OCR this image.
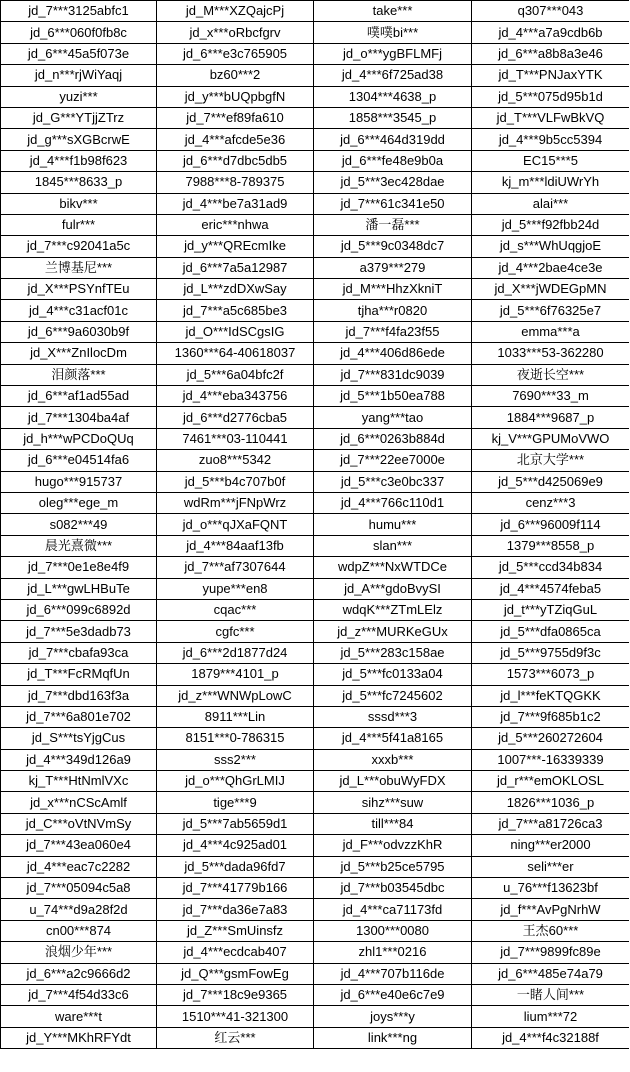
jd_7***3125abfc1	jd_M***XZQajcPj	take***	q307***043
jd_6***060f0fb8c	jd_x***oRbcfgrv	噗噗bi***	jd_4***a7a9cdb6b
jd_6***45a5f073e	jd_6***e3c765905	jd_o***ygBFLMFj	jd_6***a8b8a3e46
jd_n***rjWiYaqj	bz60***2	jd_4***6f725ad38	jd_T***PNJaxYTK
yuzi***	jd_y***bUQpbgfN	1304***4638_p	jd_5***075d95b1d
jd_G***YTjjZTrz	jd_7***ef89fa610	1858***3545_p	jd_T***VLFwBkVQ
jd_g***sXGBcrwE	jd_4***afcde5e36	jd_6***464d319dd	jd_4***9b5cc5394
jd_4***f1b98f623	jd_6***d7dbc5db5	jd_6***fe48e9b0a	EC15***5
1845***8633_p	7988***8-789375	jd_5***3ec428dae	kj_m***ldiUWrYh
bikv***	jd_4***be7a31ad9	jd_7***61c341e50	alai***
fulr***	eric***nhwa	潘一磊***	jd_5***f92fbb24d
jd_7***c92041a5c	jd_y***QREcmIke	jd_5***9c0348dc7	jd_s***WhUqgjoE
兰博基尼***	jd_6***7a5a12987	a379***279	jd_4***2bae4ce3e
jd_X***PSYnfTEu	jd_L***zdDXwSay	jd_M***HhzXkniT	jd_X***jWDEGpMN
jd_4***c31acf01c	jd_7***a5c685be3	tjha***r0820	jd_5***6f76325e7
jd_6***9a6030b9f	jd_O***IdSCgsIG	jd_7***f4fa23f55	emma***a
jd_X***ZnIlocDm	1360***64-40618037	jd_4***406d86ede	1033***53-362280
泪颜落***	jd_5***6a04bfc2f	jd_7***831dc9039	夜逝长空***
jd_6***af1ad55ad	jd_4***eba343756	jd_5***1b50ea788	7690***33_m
jd_7***1304ba4af	jd_6***d2776cba5	yang***tao	1884***9687_p
jd_h***wPCDoQUq	7461***03-110441	jd_6***0263b884d	kj_V***GPUMoVWO
jd_6***e04514fa6	zuo8***5342	jd_7***22ee7000e	北京大学***
hugo***915737	jd_5***b4c707b0f	jd_5***c3e0bc337	jd_5***d425069e9
oleg***ege_m	wdRm***jFNpWrz	jd_4***766c110d1	cenz***3
s082***49	jd_o***qJXaFQNT	humu***	jd_6***96009f114
晨光熹微***	jd_4***84aaf13fb	slan***	1379***8558_p
jd_7***0e1e8e4f9	jd_7***af7307644	wdpZ***NxWTDCe	jd_5***ccd34b834
jd_L***gwLHBuTe	yupe***en8	jd_A***gdoBvySI	jd_4***4574feba5
jd_6***099c6892d	cqac***	wdqK***ZTmLElz	jd_t***yTZiqGuL
jd_7***5e3dadb73	cgfc***	jd_z***MURKeGUx	jd_5***dfa0865ca
jd_7***cbafa93ca	jd_6***2d1877d24	jd_5***283c158ae	jd_5***9755d9f3c
jd_T***FcRMqfUn	1879***4101_p	jd_5***fc0133a04	1573***6073_p
jd_7***dbd163f3a	jd_z***WNWpLowC	jd_5***fc7245602	jd_l***feKTQGKK
jd_7***6a801e702	8911***Lin	sssd***3	jd_7***9f685b1c2
jd_S***tsYjgCus	8151***0-786315	jd_4***5f41a8165	jd_5***260272604
jd_4***349d126a9	sss2***	xxxb***	1007***-16339339
kj_T***HtNmlVXc	jd_o***QhGrLMIJ	jd_L***obuWyFDX	jd_r***emOKLOSL
jd_x***nCScAmlf	tige***9	sihz***suw	1826***1036_p
jd_C***oVtNVmSy	jd_5***7ab5659d1	till***84	jd_7***a81726ca3
jd_7***43ea060e4	jd_4***4c925ad01	jd_F***odvzzKhR	ning***er2000
jd_4***eac7c2282	jd_5***dada96fd7	jd_5***b25ce5795	seli***er
jd_7***05094c5a8	jd_7***41779b166	jd_7***b03545dbc	u_76***f13623bf
u_74***d9a28f2d	jd_7***da36e7a83	jd_4***ca71173fd	jd_f***AvPgNrhW
cn00***874	jd_Z***SmUinsfz	1300***0080	王杰60***
浪烟少年***	jd_4***ecdcab407	zhl1***0216	jd_7***9899fc89e
jd_6***a2c9666d2	jd_Q***gsmFowEg	jd_4***707b116de	jd_6***485e74a79
jd_7***4f54d33c6	jd_7***18c9e9365	jd_6***e40e6c7e9	一睹人间***
ware***t	1510***41-321300	joys***y	lium***72
jd_Y***MKhRFYdt	红云***	link***ng	jd_4***f4c32188f
